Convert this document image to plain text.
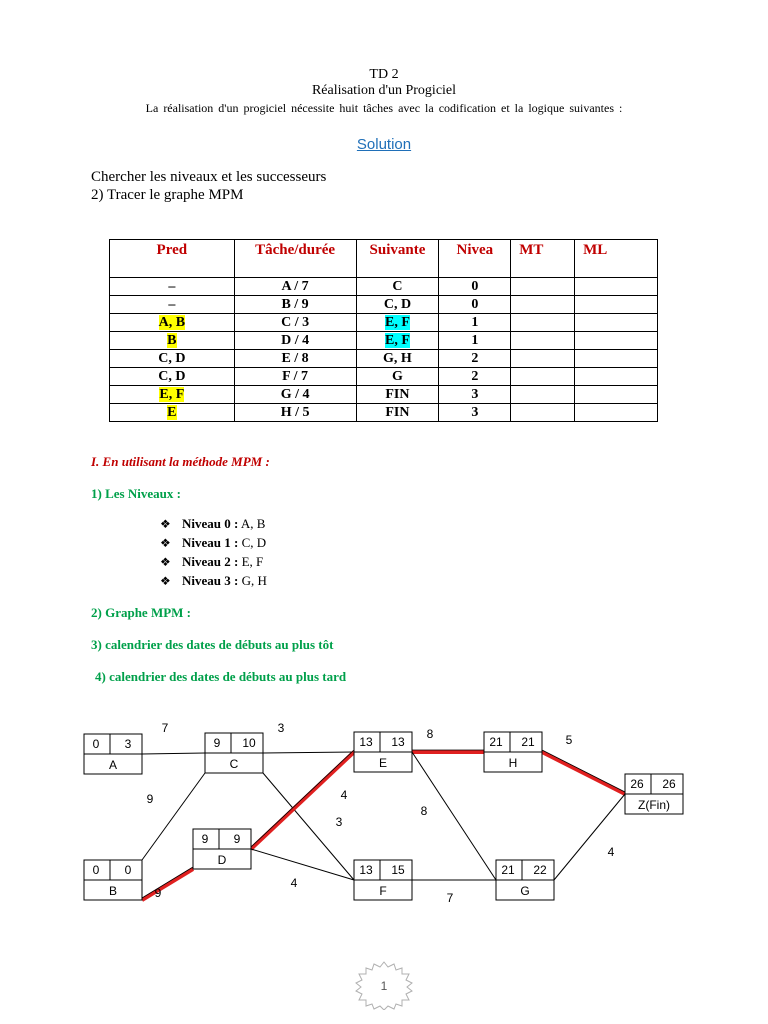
TD 2
Réalisation d'un Progiciel
La réalisation d'un progiciel nécessite huit tâches avec la codification et la logique suivantes :
Solution
Chercher les niveaux et les successeurs
2) Tracer le graphe MPM
Pred	Tâche/durée	Suivante	Nivea	MT	ML
–	A / 7	C	0		
–	B / 9	C, D	0		
A, B	C / 3	E, F	1		
B	D / 4	E, F	1		
C, D	E / 8	G, H	2		
C, D	F / 7	G	2		
E, F	G / 4	FIN	3		
E	H / 5	FIN	3		
I. En utilisant la méthode MPM :
1) Les Niveaux :
❖ Niveau 0 : A, B
❖ Niveau 1 : C, D
❖ Niveau 2 : E, F
❖ Niveau 3 : G, H
2) Graphe MPM :
3) calendrier des dates de débuts au plus tôt
4) calendrier des dates de débuts au plus tard
0 3
A
0 0
B
9 10
C
9 9
D
13 13
E
13 15
F
21 22
G
21 21
H
26 26
Z(Fin)
7
9
9
3
3
4
4
8
8
7
5
4
1
